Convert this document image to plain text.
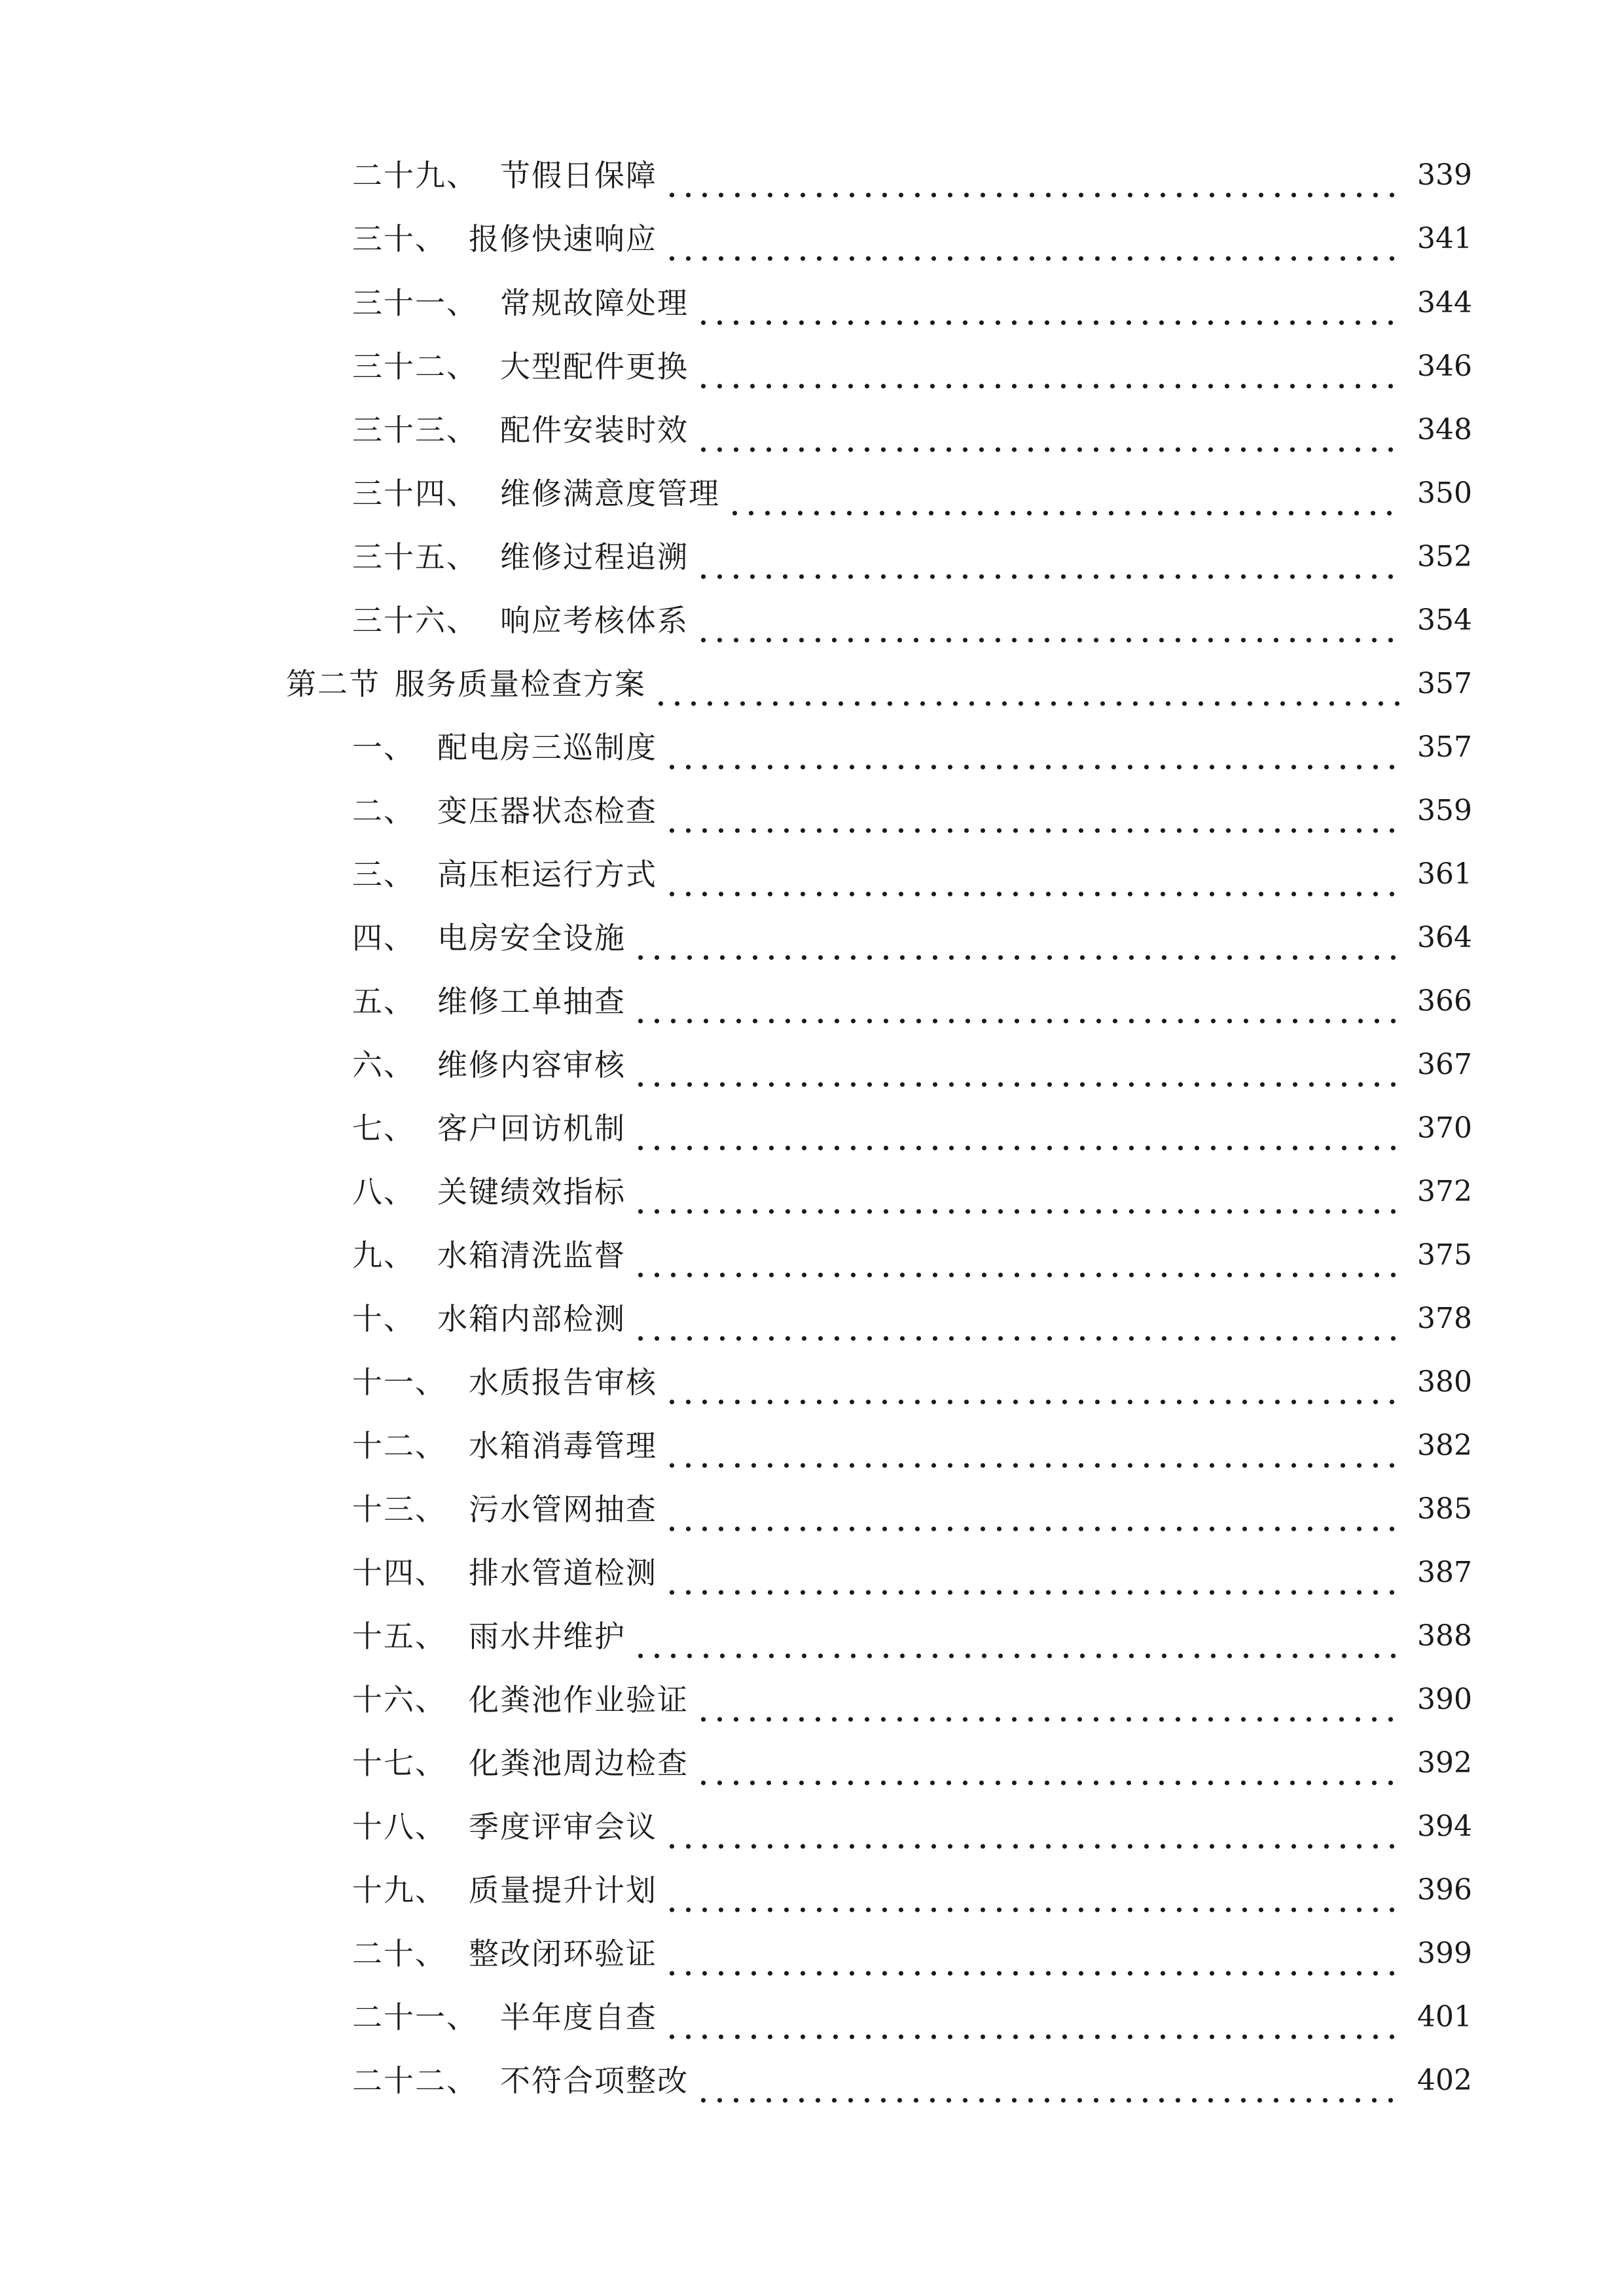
二十九、 节假日保障	339
三十、 报修快速响应	341
三十一、 常规故障处理	344
三十二、 大型配件更换	346
三十三、 配件安装时效	348
三十四、 维修满意度管理	350
三十五、 维修过程追溯	352
三十六、 响应考核体系	354
第二节 服务质量检查方案	357
一、 配电房三巡制度	357
二、 变压器状态检查	359
三、 高压柜运行方式	361
四、 电房安全设施	364
五、 维修工单抽查	366
六、 维修内容审核	367
七、 客户回访机制	370
八、 关键绩效指标	372
九、 水箱清洗监督	375
十、 水箱内部检测	378
十一、 水质报告审核	380
十二、 水箱消毒管理	382
十三、 污水管网抽查	385
十四、 排水管道检测	387
十五、 雨水井维护	388
十六、 化粪池作业验证	390
十七、 化粪池周边检查	392
十八、 季度评审会议	394
十九、 质量提升计划	396
二十、 整改闭环验证	399
二十一、 半年度自查	401
二十二、 不符合项整改	402
